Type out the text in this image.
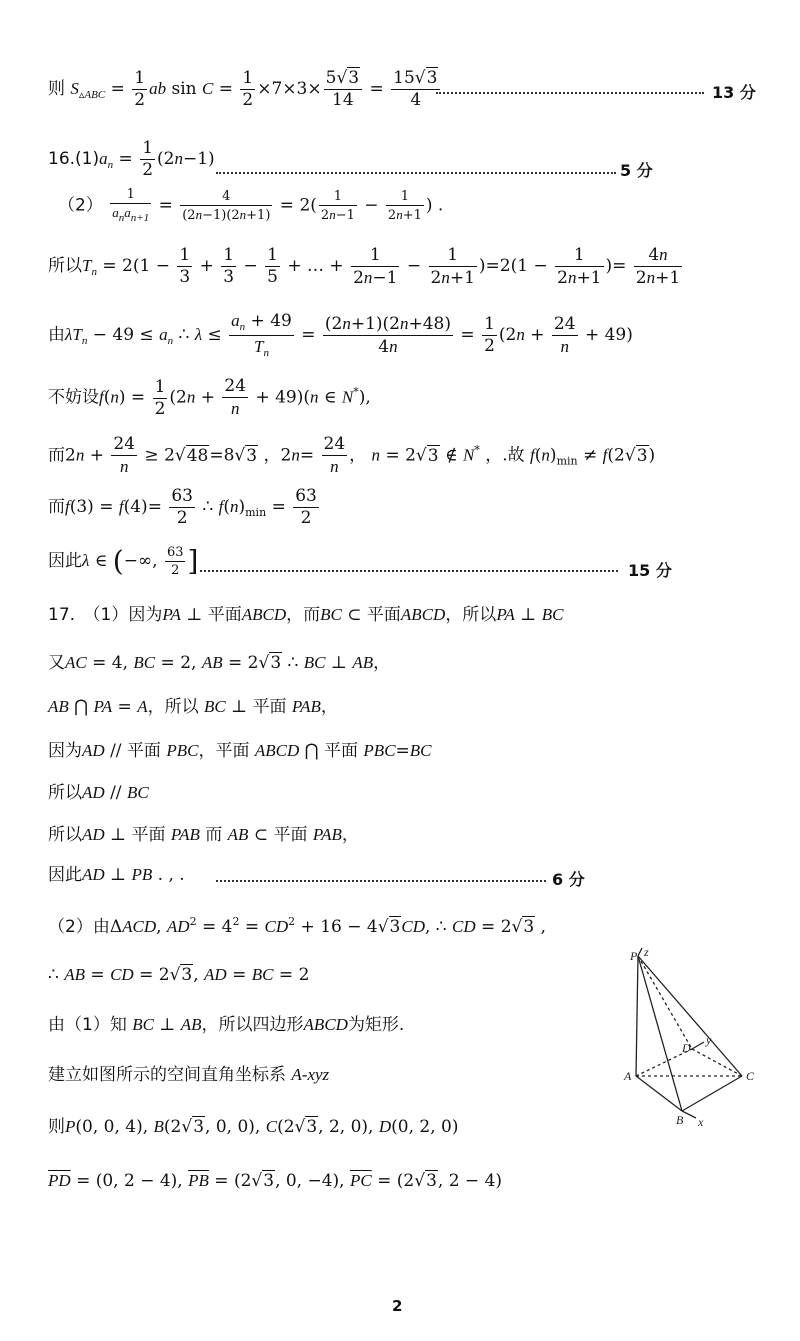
则 $S_{▵ABC} = \frac{1}{2}$ ab $\sin C = \frac{1}{2} \times 7\times 3\times \frac{5√3}{14} = \frac{15√3}{4}$	13 分
$16.(1)a_n = \frac{1}{2} (2n-1)$
5 分
$(2) \frac{1}{a_na_{n+1}} = \frac{4}{(2n-1)(2n+1)} = 2( \frac{1}{2n-1} - \frac{1}{2n+1}$ ) .
所以$T_n = 2(1 - \frac{1}{3} + \frac{1}{3} - \frac{1}{5}$ + … + $\frac{1}{2n-1} - \frac{1}{2n+1} )=2(1 - \frac{1}{2n+1}$ )= $\frac{4n}{2n+1}$
由$\lambda T_n - 49 \le a_n$ ∴ $\lambda \le \frac{a_n + 49}{T_n} = \frac{(2n+1)(2n+48)}{4n} = \frac{1}{2} (2n + \frac{24}{n} + 49)$
不妨设$f(n) = \frac{1}{2} (2n + \frac{24}{n} + 49)(n$ ∈ N*),
而$2n + \frac{24}{n} \ge 2√48=8√3$ ，$2n= \frac{24}{n}$ ， n = 2√3 ∉ N* ，.故 $f(n)_{min} \ne f(2√3)$
而$f(3) = f(4)= \frac{63}{2}$ ∴ $f(n)_{min} = \frac{63}{2}$
因此λ ∈ (−∞, $\frac{63}{2}$ ]	15 分
17.　（1）因为PA ⊥ 平面ABCD，而BC ⊂ 平面ABCD，所以PA ⊥ BC
又AC = 4, BC = 2, AB = 2√3 ∴ BC ⊥ AB，
AB ⋂ PA = A，所以 BC ⊥ 平面 PAB，
因为AD // 平面 PBC，平面 ABCD ⋂ 平面 PBC=BC
所以AD // BC
所以AD ⊥ 平面 PAB 而 AB ⊂ 平面 PAB，
因此AD ⊥ PB . , .	6 分
（2）由ΔACD, $AD^2 = 4^2 = CD^2 + 16 - 4√3CD$, ∴ CD = 2√3 ,
∴ AB = CD = 2√3, AD = BC = 2
由（1）知 BC ⊥ AB，所以四边形ABCD为矩形.
建立如图所示的空间直角坐标系 A-xyz
则P(0, 0, 4), B(2√3, 0, 0), C(2√3, 2, 0), D(0, 2, 0)
$\overline{PD} = (0$, 2 − 4), $\overline{PB} = (2√3$, 0, −4), $\overline{PC} = (2√3$, 2 − 4)
P z
A	C
B x
D
y
2
